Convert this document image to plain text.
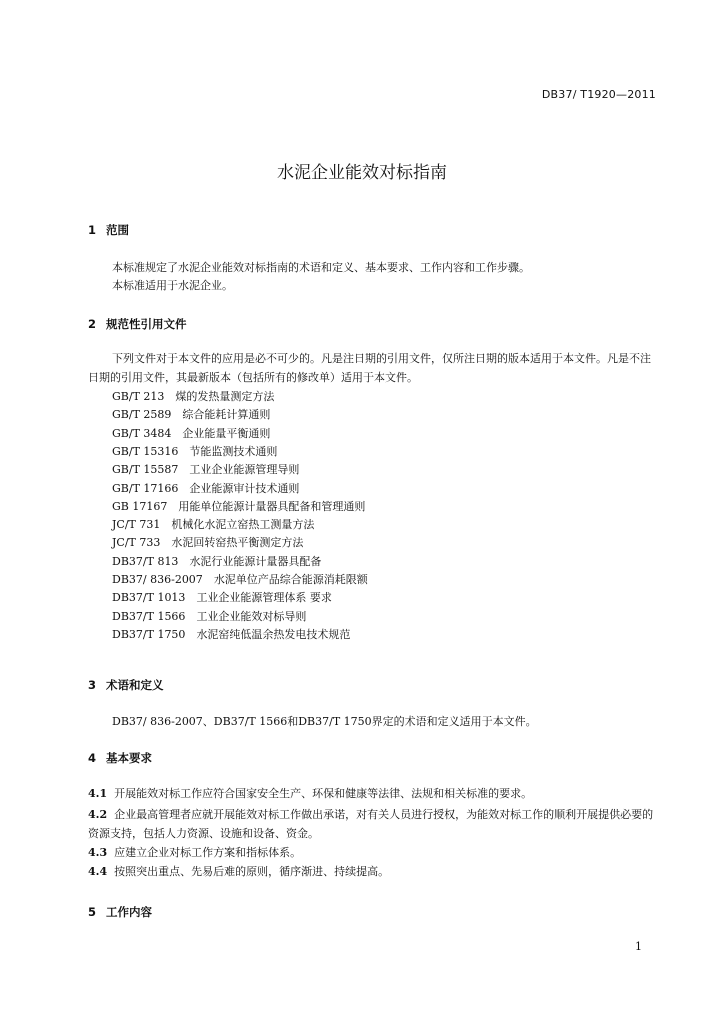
DB37/ T1920—2011
水泥企业能效对标指南
1 范围
本标准规定了水泥企业能效对标指南的术语和定义、基本要求、工作内容和工作步骤。
本标准适用于水泥企业。
2 规范性引用文件
下列文件对于本文件的应用是必不可少的。凡是注日期的引用文件，仅所注日期的版本适用于本文件。凡是不注日期的引用文件，其最新版本（包括所有的修改单）适用于本文件。
GB/T 213　 煤的发热量测定方法
GB/T 2589　 综合能耗计算通则
GB/T 3484　 企业能量平衡通则
GB/T 15316　 节能监测技术通则
GB/T 15587　 工业企业能源管理导则
GB/T 17166　 企业能源审计技术通则
GB 17167　 用能单位能源计量器具配备和管理通则
JC/T 731　 机械化水泥立窑热工测量方法
JC/T 733　 水泥回转窑热平衡测定方法
DB37/T 813　 水泥行业能源计量器具配备
DB37/ 836-2007　 水泥单位产品综合能源消耗限额
DB37/T 1013　 工业企业能源管理体系 要求
DB37/T 1566　 工业企业能效对标导则
DB37/T 1750　 水泥窑纯低温余热发电技术规范
3 术语和定义
DB37/ 836-2007、DB37/T 1566和DB37/T 1750界定的术语和定义适用于本文件。
4 基本要求
4.1 开展能效对标工作应符合国家安全生产、环保和健康等法律、法规和相关标准的要求。
4.2 企业最高管理者应就开展能效对标工作做出承诺，对有关人员进行授权，为能效对标工作的顺利开展提供必要的资源支持，包括人力资源、设施和设备、资金。
4.3 应建立企业对标工作方案和指标体系。
4.4 按照突出重点、先易后难的原则，循序渐进、持续提高。
5 工作内容
1
